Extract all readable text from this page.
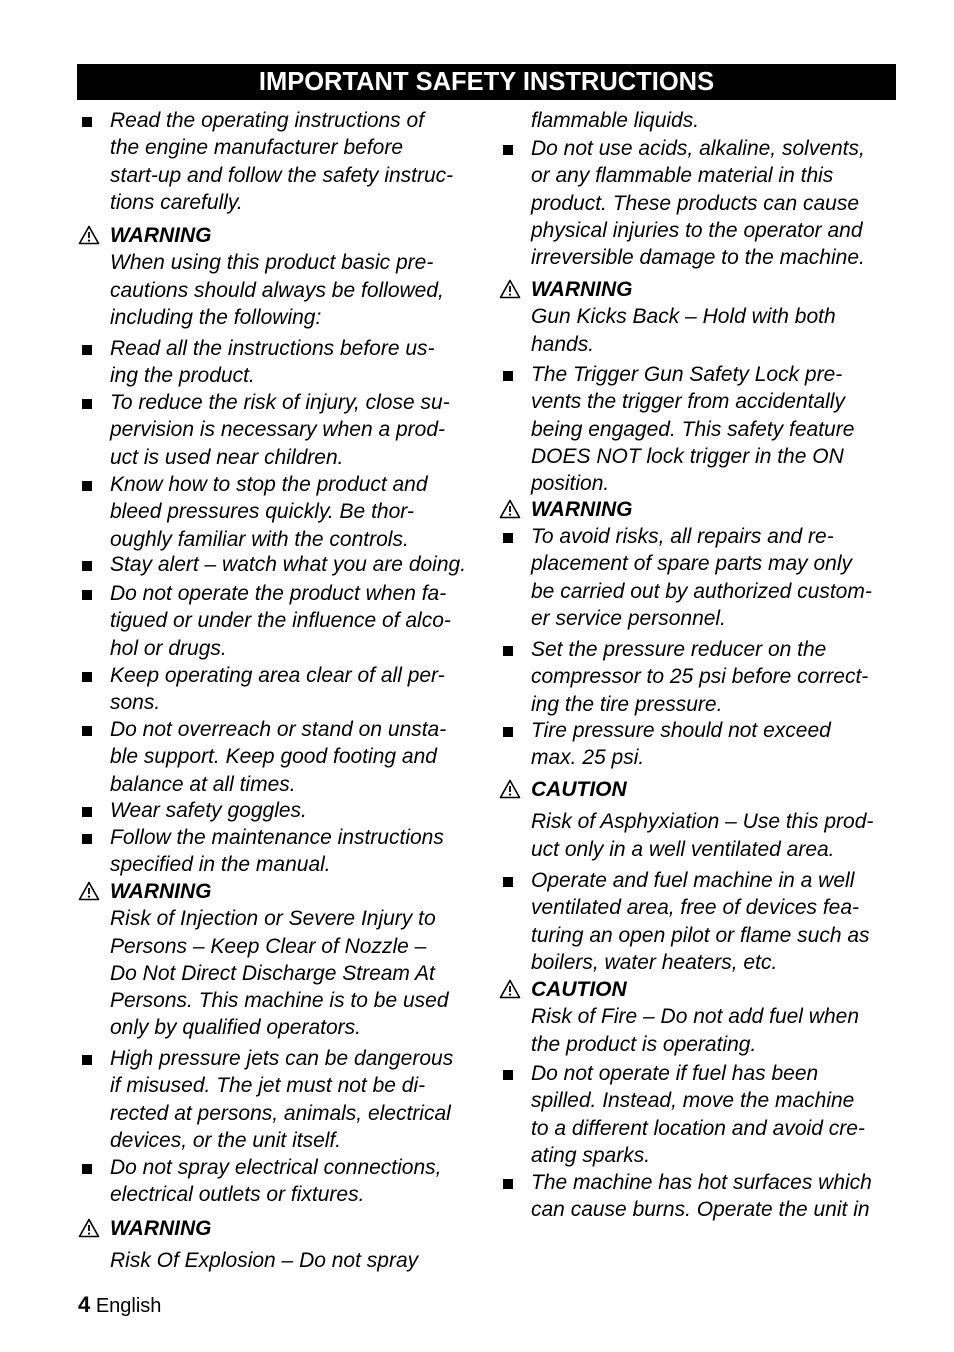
IMPORTANT SAFETY INSTRUCTIONS

Read the operating instructions of

the engine manufacturer before

start-up and follow the safety instruc-

tions carefully.

WARNING

When using this product basic pre-

cautions should always be followed,

including the following:

Read all the instructions before us-

ing the product.

To reduce the risk of injury, close su-

pervision is necessary when a prod-

uct is used near children.

Know how to stop the product and

bleed pressures quickly. Be thor-

oughly familiar with the controls.

Stay alert – watch what you are doing.

Do not operate the product when fa-

tigued or under the influence of alco-

hol or drugs.

Keep operating area clear of all per-

sons.

Do not overreach or stand on unsta-

ble support. Keep good footing and

balance at all times.

Wear safety goggles.

Follow the maintenance instructions

specified in the manual.

WARNING

Risk of Injection or Severe Injury to

Persons – Keep Clear of Nozzle –

Do Not Direct Discharge Stream At

Persons. This machine is to be used

only by qualified operators.

High pressure jets can be dangerous

if misused. The jet must not be di-

rected at persons, animals, electrical

devices, or the unit itself.

Do not spray electrical connections,

electrical outlets or fixtures.

WARNING

Risk Of Explosion – Do not spray

flammable liquids.

Do not use acids, alkaline, solvents,

or any flammable material in this

product. These products can cause

physical injuries to the operator and

irreversible damage to the machine.

WARNING

Gun Kicks Back – Hold with both

hands.

The Trigger Gun Safety Lock pre-

vents the trigger from accidentally

being engaged. This safety feature

DOES NOT lock trigger in the ON

position.

WARNING

To avoid risks, all repairs and re-

placement of spare parts may only

be carried out by authorized custom-

er service personnel.

Set the pressure reducer on the

compressor to 25 psi before correct-

ing the tire pressure.

Tire pressure should not exceed

max. 25 psi.

CAUTION

Risk of Asphyxiation – Use this prod-

uct only in a well ventilated area.

Operate and fuel machine in a well

ventilated area, free of devices fea-

turing an open pilot or flame such as

boilers, water heaters, etc.

CAUTION

Risk of Fire – Do not add fuel when

the product is operating.

Do not operate if fuel has been

spilled. Instead, move the machine

to a different location and avoid cre-

ating sparks.

The machine has hot surfaces which

can cause burns. Operate the unit in

4 English
